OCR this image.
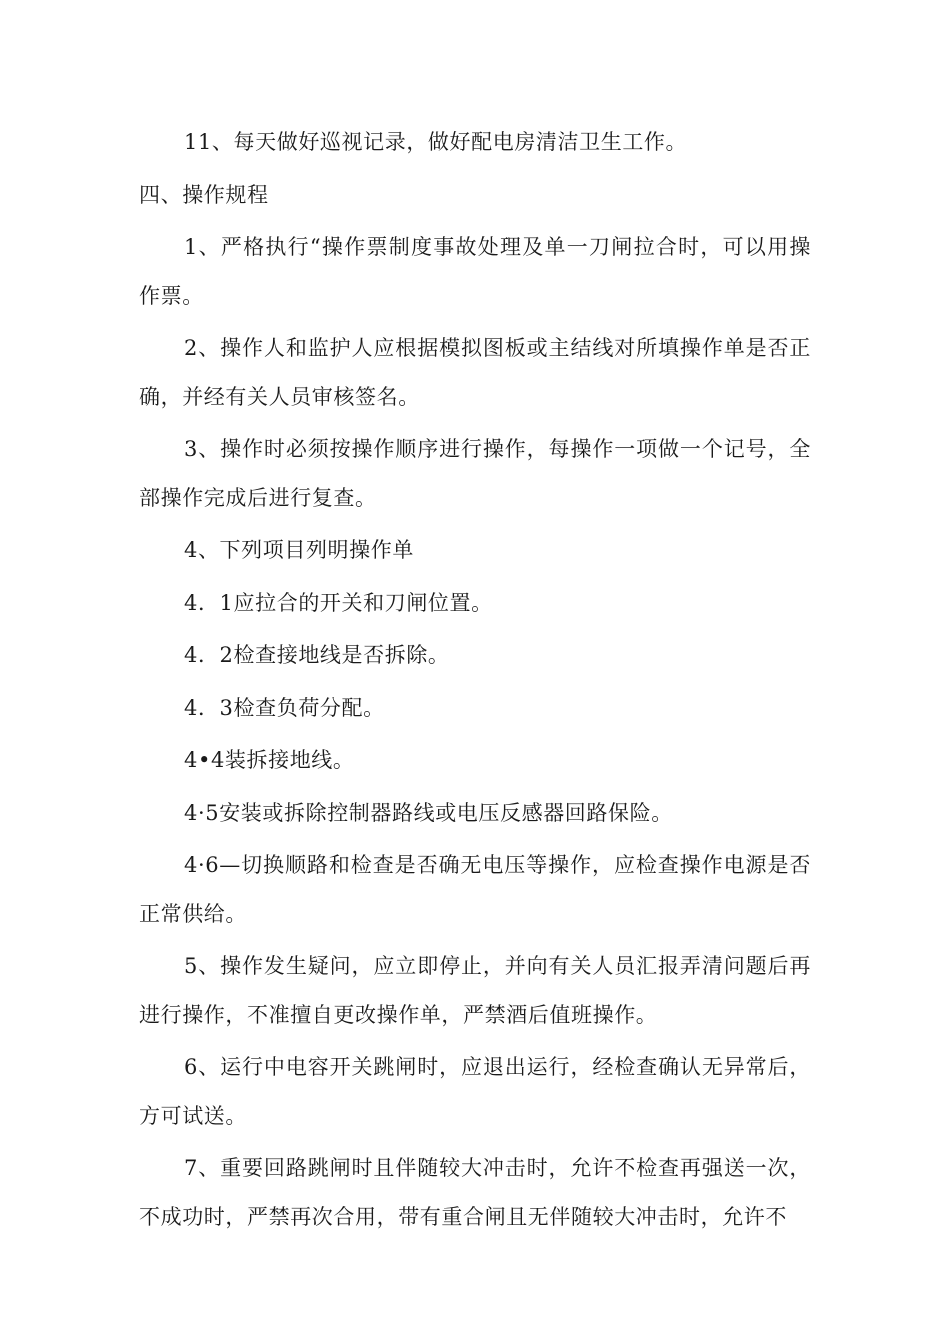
11、每天做好巡视记录，做好配电房清洁卫生工作。

四、操作规程

1、严格执行“操作票制度事故处理及单一刀闸拉合时，可以用操作票。

2、操作人和监护人应根据模拟图板或主结线对所填操作单是否正确，并经有关人员审核签名。

3、操作时必须按操作顺序进行操作，每操作一项做一个记号，全部操作完成后进行复查。

4、下列项目列明操作单

4．1应拉合的开关和刀闸位置。

4．2检查接地线是否拆除。

4．3检查负荷分配。

4•4装拆接地线。

4·5安装或拆除控制器路线或电压反感器回路保险。

4·6—切换顺路和检查是否确无电压等操作，应检查操作电源是否正常供给。

5、操作发生疑问，应立即停止，并向有关人员汇报弄清问题后再进行操作，不准擅自更改操作单，严禁酒后值班操作。

6、运行中电容开关跳闸时，应退出运行，经检查确认无异常后，方可试送。

7、重要回路跳闸时且伴随较大冲击时，允许不检查再强送一次，不成功时，严禁再次合用，带有重合闸且无伴随较大冲击时，允许不
